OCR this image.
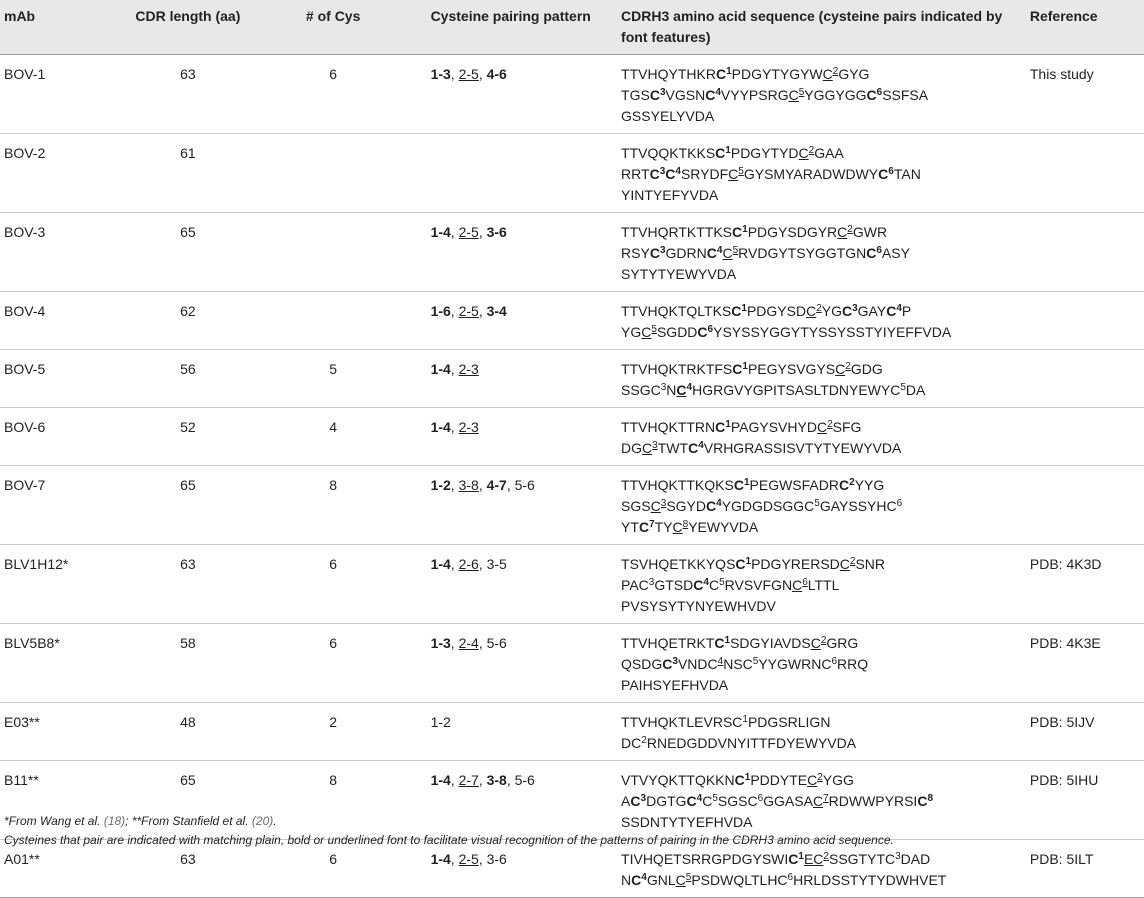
mAb	CDR length (aa)	# of Cys	Cysteine pairing pattern	CDRH3 amino acid sequence (cysteine pairs indicated by font features)	Reference
BOV-1	63	6	1-3, 2-5, 4-6	TTVHQYTHKRC$^1$PDGYTYGYWC$^2$GYG
TGSC$^3$VGSNC$^4$VYYPSRGC$^5$YGGYGGC$^6$SSFSA
GSSYELYVDA	This study
BOV-2	61			TTVQQKTKKSC$^1$PDGYTYDC$^2$GAA
$RRTC^3C^4SRYDFC^5GYSMYARADWDWYC^6TAN$
YINTYEFYVDA	

BOV-3	65		1-4, 2-5, 3-6	TTVHQRTKTTKSC$^1$PDGYSDGYRC$^2$GWR
$RSYC^3GDRNC^4C^5RVDGYTSYGGTGNC^6ASY$
SYTYTYEWYVDA	

BOV-4	62		1-6, 2-5, 3-4	TTVHQKTQLTKSC$^1$PDGYSDC$^2$YGC$^3$GAYC$^4$P
YGC$^5$SGDDC$^6$YSYSSYGGYTYSSYSSTYIYEFFVDA	

BOV-5	56	5	1-4, 2-3	TTVHQKTRKTFSC$^1$PEGYSVGYSC$^2$GDG
$SSGC^3NC^4HGRGVYGPITSASLTDNYEWYC^5DA$	

BOV-6	52	4	1-4, 2-3	TTVHQKTTRNC$^1$PAGYSVHYDC$^2$SFG
DGC$^3$TWTC$^4$VRHGRASSISVTYTYEWYVDA	

BOV-7	65	8	1-2, 3-8, 4-7, 5-6	TTVHQKTTKQKSC$^1$PEGWSFADRC$^2$YYG
SGSC$^3$SGYDC$^4$YGDGDSGGC$^5$GAYSSYHC$^6$
YTC$^7$TYC$^8$YEWYVDA	

BLV1H12*	63	6	1-4, 2-6, 3-5	TSVHQETKKYQSC$^1$PDGYRERSDC$^2$SNR
$PAC^3GTSDC^4C^5RVSVFGNC^6LTTL$
PVSYSYTYNYEWHVDV	PDB: 4K3D
BLV5B8*	58	6	1-3, 2-4, 5-6	TTVHQETRKTC$^1$SDGYIAVDSC$^2$GRG
QSDGC$^3$VNDC$^4$NSC$^5$YYGWRNC$^6$RRQ
PAIHSYEFHVDA	PDB: 4K3E
E03**	48	2	1-2	TTVHQKTLEVRSC$^1$PDGSRLIGN
$DC^2RNEDGDDVNYITTFDYEWYVDA$	PDB: 5IJV
B11**	65	8	1-4, 2-7, 3-8, 5-6	VTVYQKTTQKKNC$^1$PDDYTEC$^2$YGG
$AC^3DGTGC^4C^5SGSC^6GGASAC^7RDWWPYRSIC^8$
SSDNTYTYEFHVDA	PDB: 5IHU
A01**	63	6	1-4, 2-5, 3-6	$TIVHQETSRRGPDGYSWIC^1EC^2SSGTYTC^3DAD$
$NC^4GNLC^5PSDWQLTLHC^6HRLDSSTYTYDWHVET$	PDB: 5ILT
*From Wang et al. (18); **From Stanfield et al. (20).
Cysteines that pair are indicated with matching plain, bold or underlined font to facilitate visual recognition of the patterns of pairing in the CDRH3 amino acid sequence.
